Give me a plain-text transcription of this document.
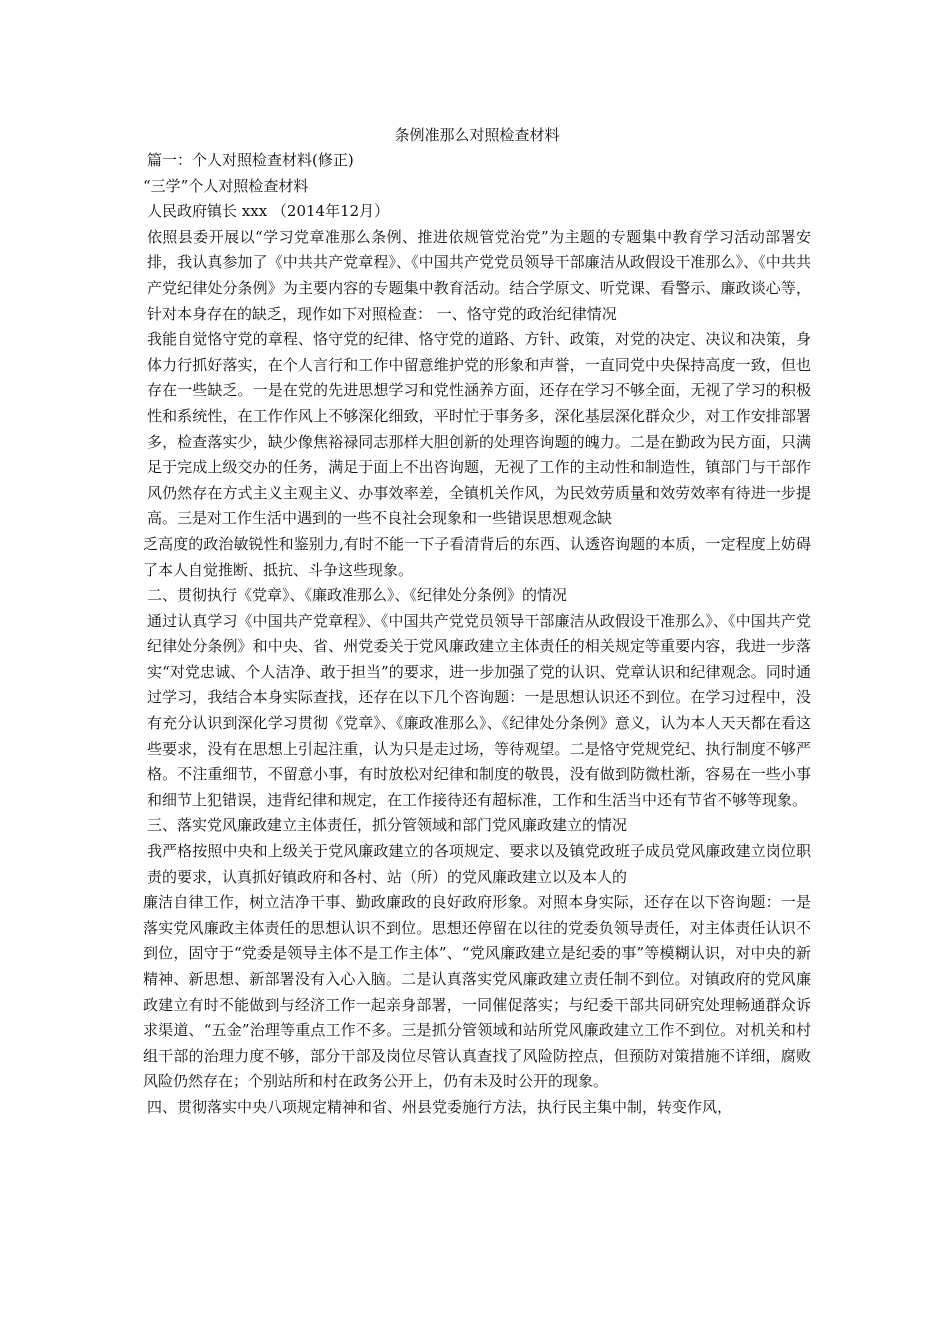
条例准那么对照检查材料

篇一：个人对照检查材料(修正)

“三学”个人对照检查材料

人民政府镇长 xxx （2014年12月）

依照县委开展以“学习党章准那么条例、推进依规管党治党”为主题的专题集中教育学习活动部署安排，我认真参加了《中共共产党章程》、《中国共产党党员领导干部廉洁从政假设干准那么》、《中共共产党纪律处分条例》为主要内容的专题集中教育活动。结合学原文、听党课、看警示、廉政谈心等，针对本身存在的缺乏，现作如下对照检查： 一、恪守党的政治纪律情况

我能自觉恪守党的章程、恪守党的纪律、恪守党的道路、方针、政策，对党的决定、决议和决策，身体力行抓好落实，在个人言行和工作中留意维护党的形象和声誉，一直同党中央保持高度一致，但也存在一些缺乏。一是在党的先进思想学习和党性涵养方面，还存在学习不够全面，无视了学习的积极性和系统性，在工作作风上不够深化细致，平时忙于事务多，深化基层深化群众少，对工作安排部署多，检查落实少，缺少像焦裕禄同志那样大胆创新的处理咨询题的魄力。二是在勤政为民方面，只满足于完成上级交办的任务，满足于面上不出咨询题，无视了工作的主动性和制造性，镇部门与干部作风仍然存在方式主义主观主义、办事效率差，全镇机关作风，为民效劳质量和效劳效率有待进一步提高。三是对工作生活中遇到的一些不良社会现象和一些错误思想观念缺

乏高度的政治敏锐性和鉴别力,有时不能一下子看清背后的东西、认透咨询题的本质，一定程度上妨碍了本人自觉推断、抵抗、斗争这些现象。

二、贯彻执行《党章》、《廉政准那么》、《纪律处分条例》的情况

通过认真学习《中国共产党章程》、《中国共产党党员领导干部廉洁从政假设干准那么》、《中国共产党纪律处分条例》和中央、省、州党委关于党风廉政建立主体责任的相关规定等重要内容，我进一步落实“对党忠诚、个人洁净、敢于担当”的要求，进一步加强了党的认识、党章认识和纪律观念。同时通过学习，我结合本身实际查找，还存在以下几个咨询题：一是思想认识还不到位。在学习过程中，没有充分认识到深化学习贯彻《党章》、《廉政准那么》、《纪律处分条例》意义，认为本人天天都在看这些要求，没有在思想上引起注重，认为只是走过场，等待观望。二是恪守党规党纪、执行制度不够严格。不注重细节，不留意小事，有时放松对纪律和制度的敬畏，没有做到防微杜渐，容易在一些小事和细节上犯错误，违背纪律和规定，在工作接待还有超标准，工作和生活当中还有节省不够等现象。

三、落实党风廉政建立主体责任，抓分管领域和部门党风廉政建立的情况

我严格按照中央和上级关于党风廉政建立的各项规定、要求以及镇党政班子成员党风廉政建立岗位职责的要求，认真抓好镇政府和各村、站（所）的党风廉政建立以及本人的

廉洁自律工作，树立洁净干事、勤政廉政的良好政府形象。对照本身实际，还存在以下咨询题：一是落实党风廉政主体责任的思想认识不到位。思想还停留在以往的党委负领导责任，对主体责任认识不到位，固守于“党委是领导主体不是工作主体”、“党风廉政建立是纪委的事”等模糊认识，对中央的新精神、新思想、新部署没有入心入脑。二是认真落实党风廉政建立责任制不到位。对镇政府的党风廉政建立有时不能做到与经济工作一起亲身部署，一同催促落实；与纪委干部共同研究处理畅通群众诉求渠道、“五金”治理等重点工作不多。三是抓分管领域和站所党风廉政建立工作不到位。对机关和村组干部的治理力度不够，部分干部及岗位尽管认真查找了风险防控点，但预防对策措施不详细，腐败风险仍然存在；个别站所和村在政务公开上，仍有未及时公开的现象。

四、贯彻落实中央八项规定精神和省、州县党委施行方法，执行民主集中制，转变作风，
